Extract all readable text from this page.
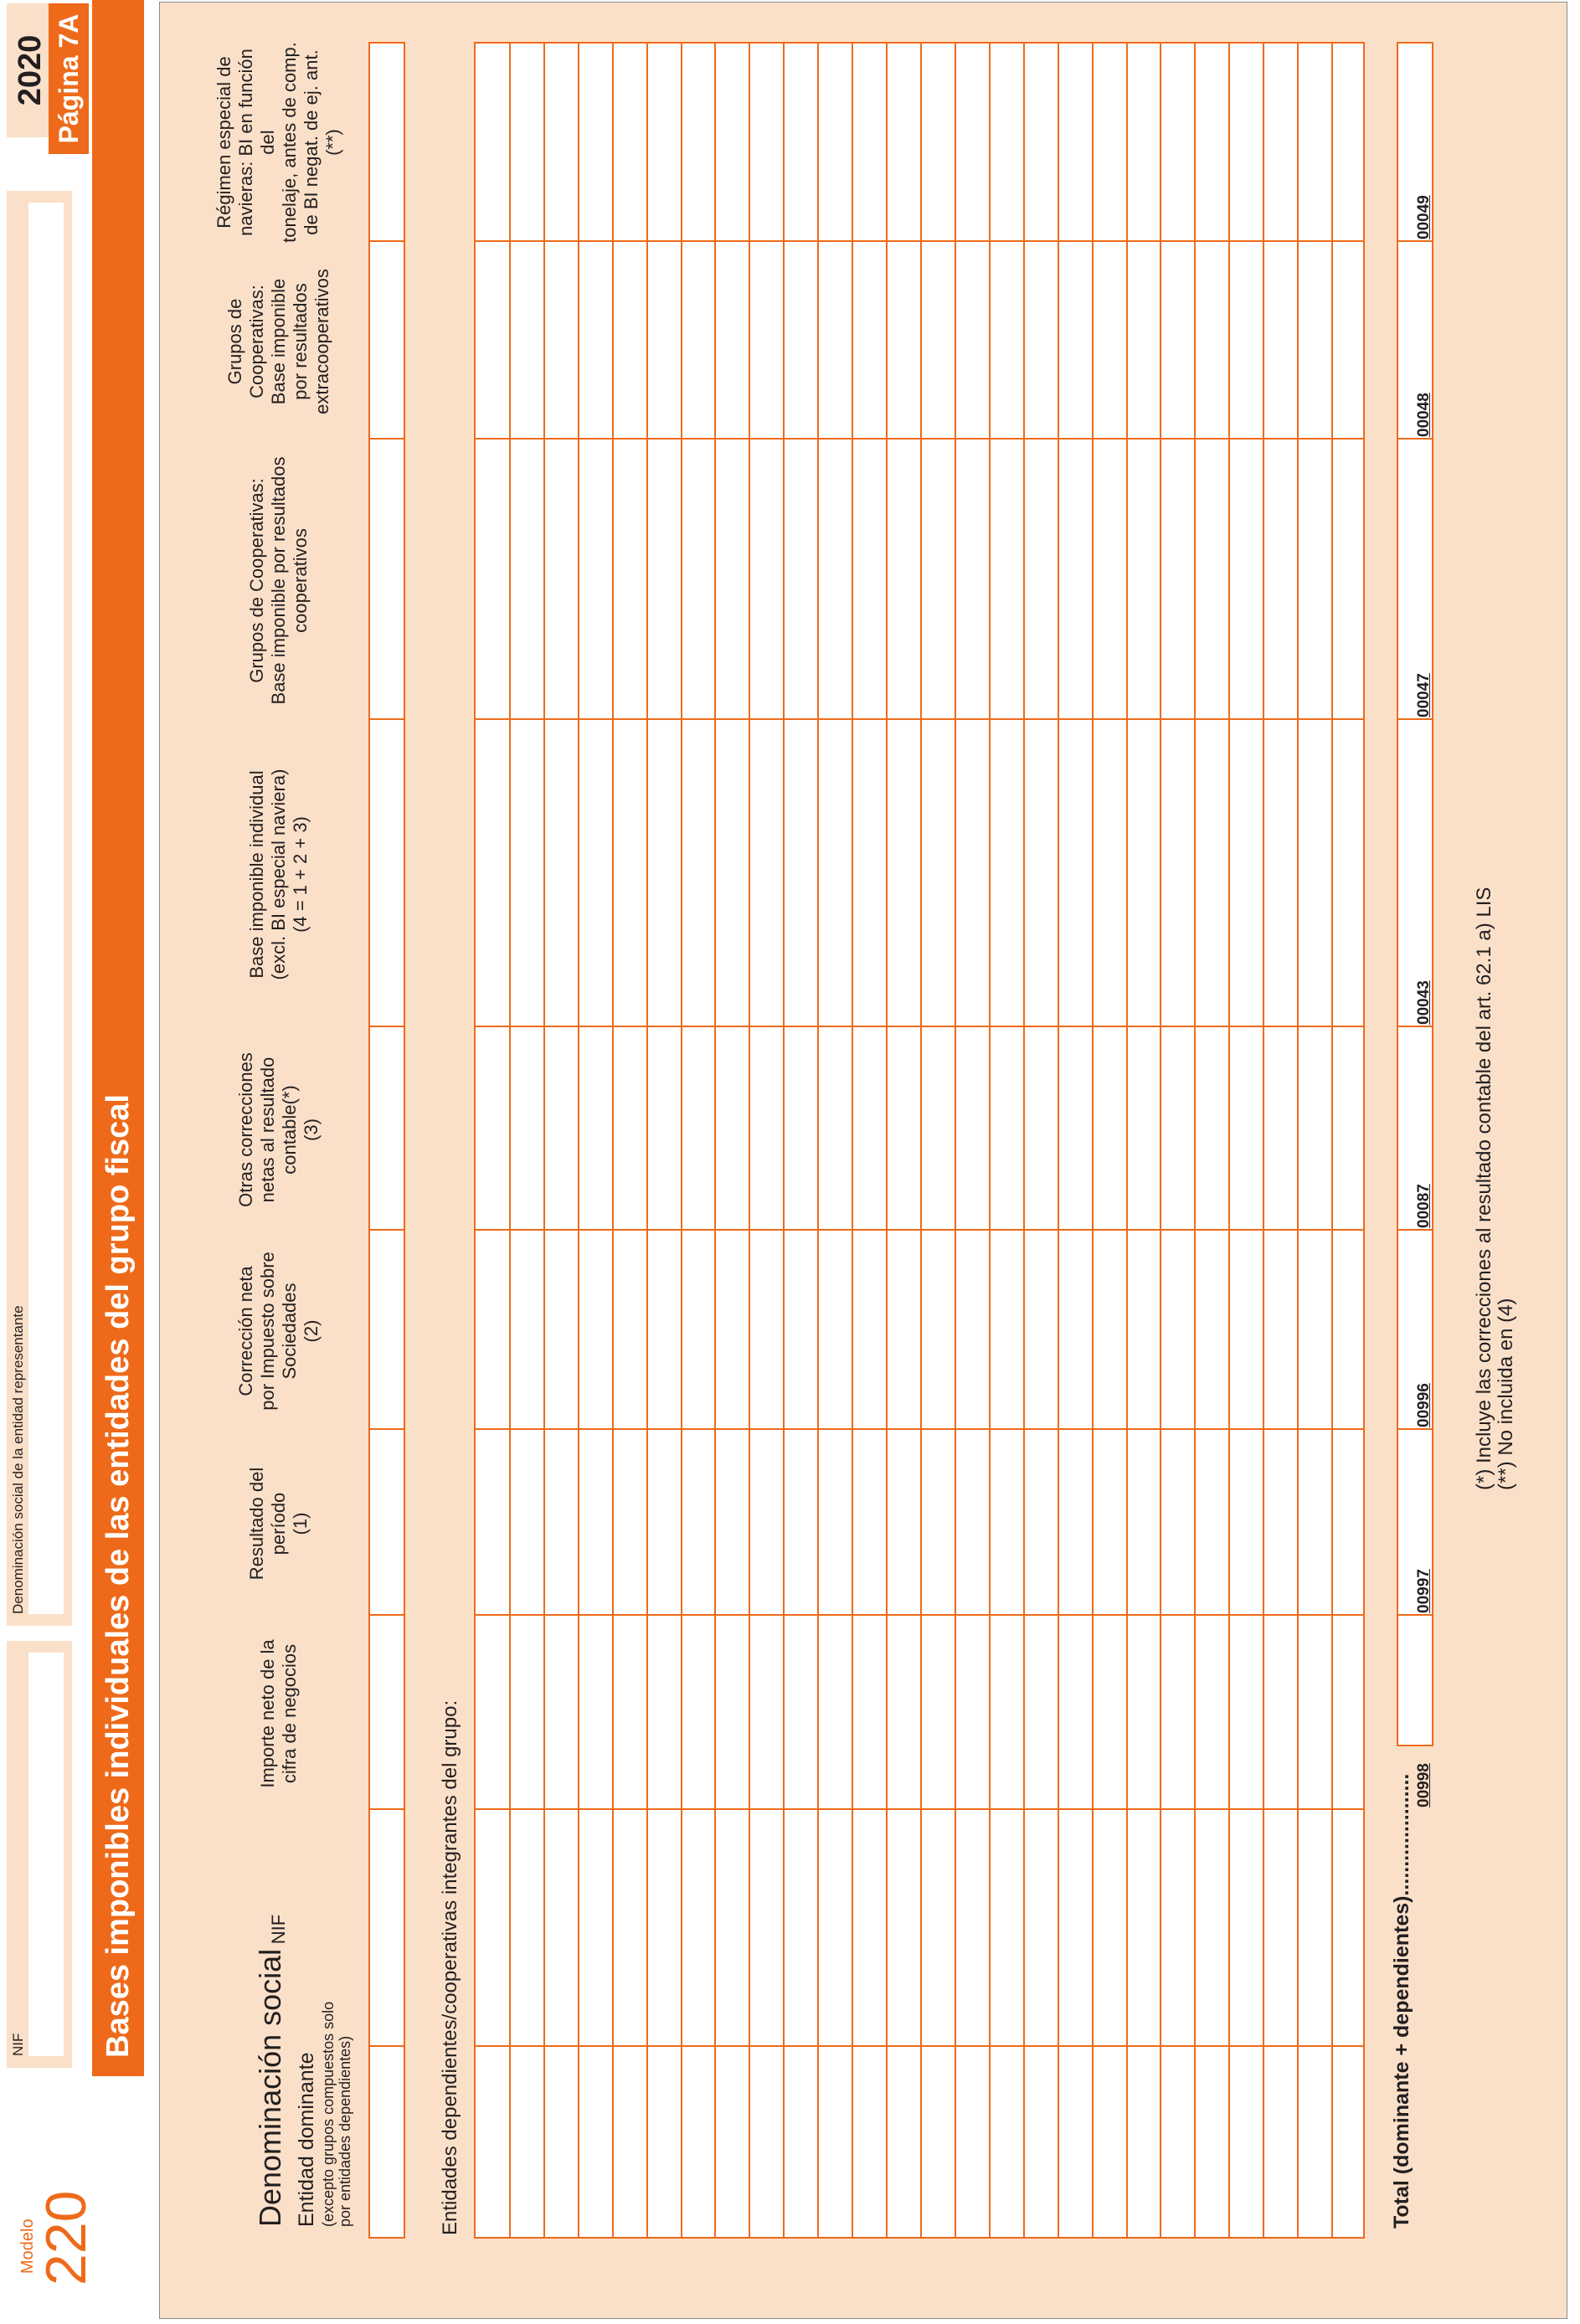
Modelo
220
NIF
Denominación social de la entidad representante
2020 Página 7A
Bases imponibles individuales de las entidades del grupo fiscal
Denominación social Entidad dominante (excepto grupos compuestos solo por entidades dependientes)	Entidades dependientes/cooperativas integrantes del grupo:	Total (dominante + dependientes).....................
(*) Incluye las correcciones al resultado contable del art. 62.1 a) LIS (**) No incluida en (4)
NIF
Importe neto de la
cifra de negocios
Resultado del
período
(1)
Corrección neta
por Impuesto sobre
Sociedades
(2)
Otras correcciones
netas al resultado
contable(*)
(3)
Base imponible individual
(excl. BI especial naviera)
(4 = 1 + 2 + 3)
Grupos de Cooperativas:
Base imponible por resultados
cooperativos
Grupos de
Cooperativas:
Base imponible
por resultados
extracooperativos
Régimen especial de
navieras: BI en función del
tonelaje, antes de comp.
de BI negat. de ej. ant. (**)
00998
00997
00996
00087
00043
00047
00048
00049
